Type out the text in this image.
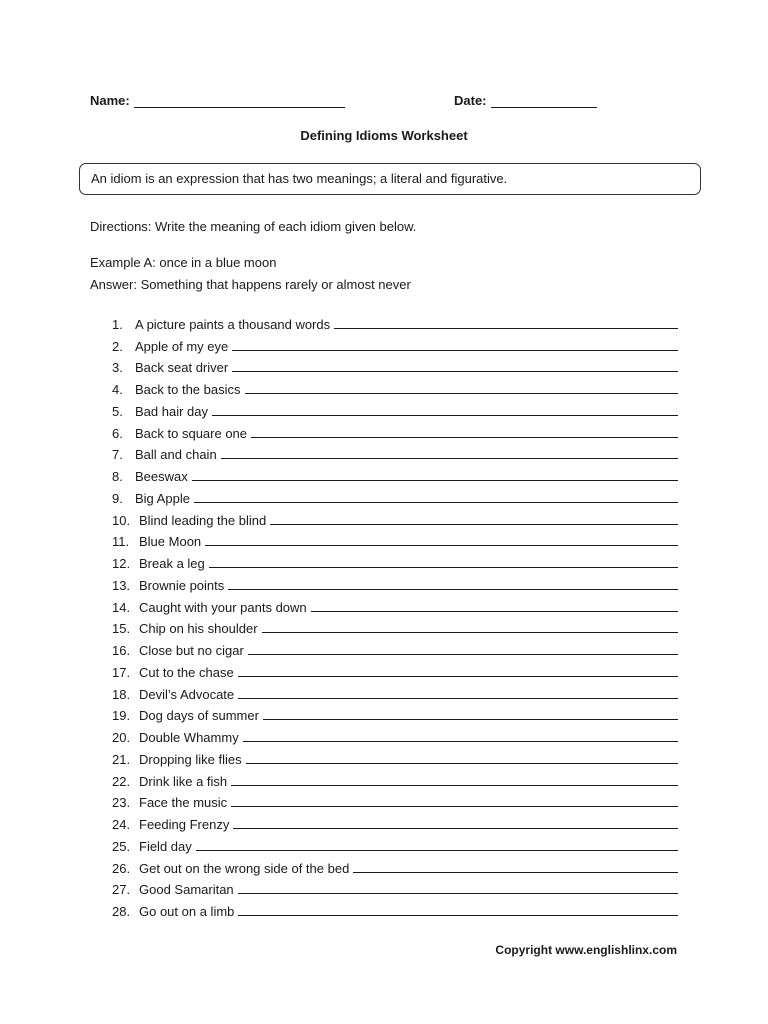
Name:	Date:
Defining Idioms Worksheet
An idiom is an expression that has two meanings; a literal and figurative.
Directions: Write the meaning of each idiom given below.
Example A: once in a blue moon
Answer: Something that happens rarely or almost never
1. A picture paints a thousand words
2. Apple of my eye
3. Back seat driver
4. Back to the basics
5. Bad hair day
6. Back to square one
7. Ball and chain
8. Beeswax
9. Big Apple
10. Blind leading the blind
11. Blue Moon
12. Break a leg
13. Brownie points
14. Caught with your pants down
15. Chip on his shoulder
16. Close but no cigar
17. Cut to the chase
18. Devil’s Advocate
19. Dog days of summer
20. Double Whammy
21. Dropping like flies
22. Drink like a fish
23. Face the music
24. Feeding Frenzy
25. Field day
26. Get out on the wrong side of the bed
27. Good Samaritan
28. Go out on a limb
Copyright www.englishlinx.com
